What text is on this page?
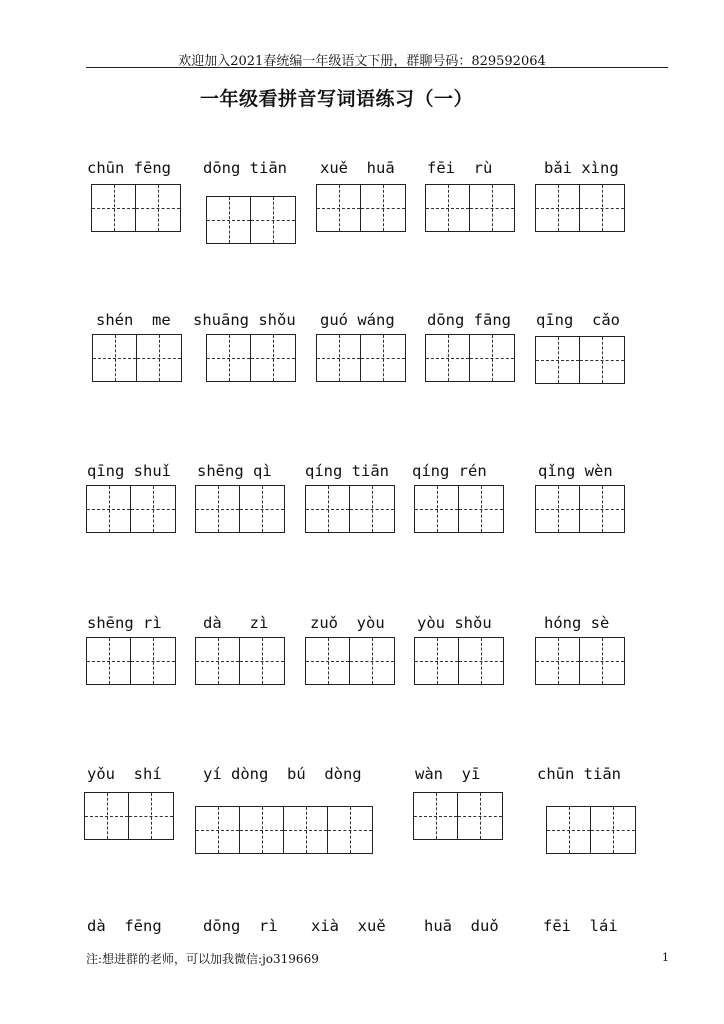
欢迎加入2021春统编一年级语文下册，群聊号码：829592064
一年级看拼音写词语练习（一）
chūn fēng dōng tiān xuě  huā fēi  rù	bǎi xìng
shén  me shuāng shǒu guó wáng dōng fāng qīng  cǎo
qīng shuǐ shēng qì qíng tiān qíng rén	qǐng wèn
shēng rì	dà   zì	zuǒ  yòu yòu shǒu	hóng sè
yǒu  shí	yí dòng  bú  dòng	wàn  yī	chūn tiān
dà  fēng	dōng  rì xià  xuě huā  duǒ	fēi  lái
注:想进群的老师，可以加我微信:jo319669	1
